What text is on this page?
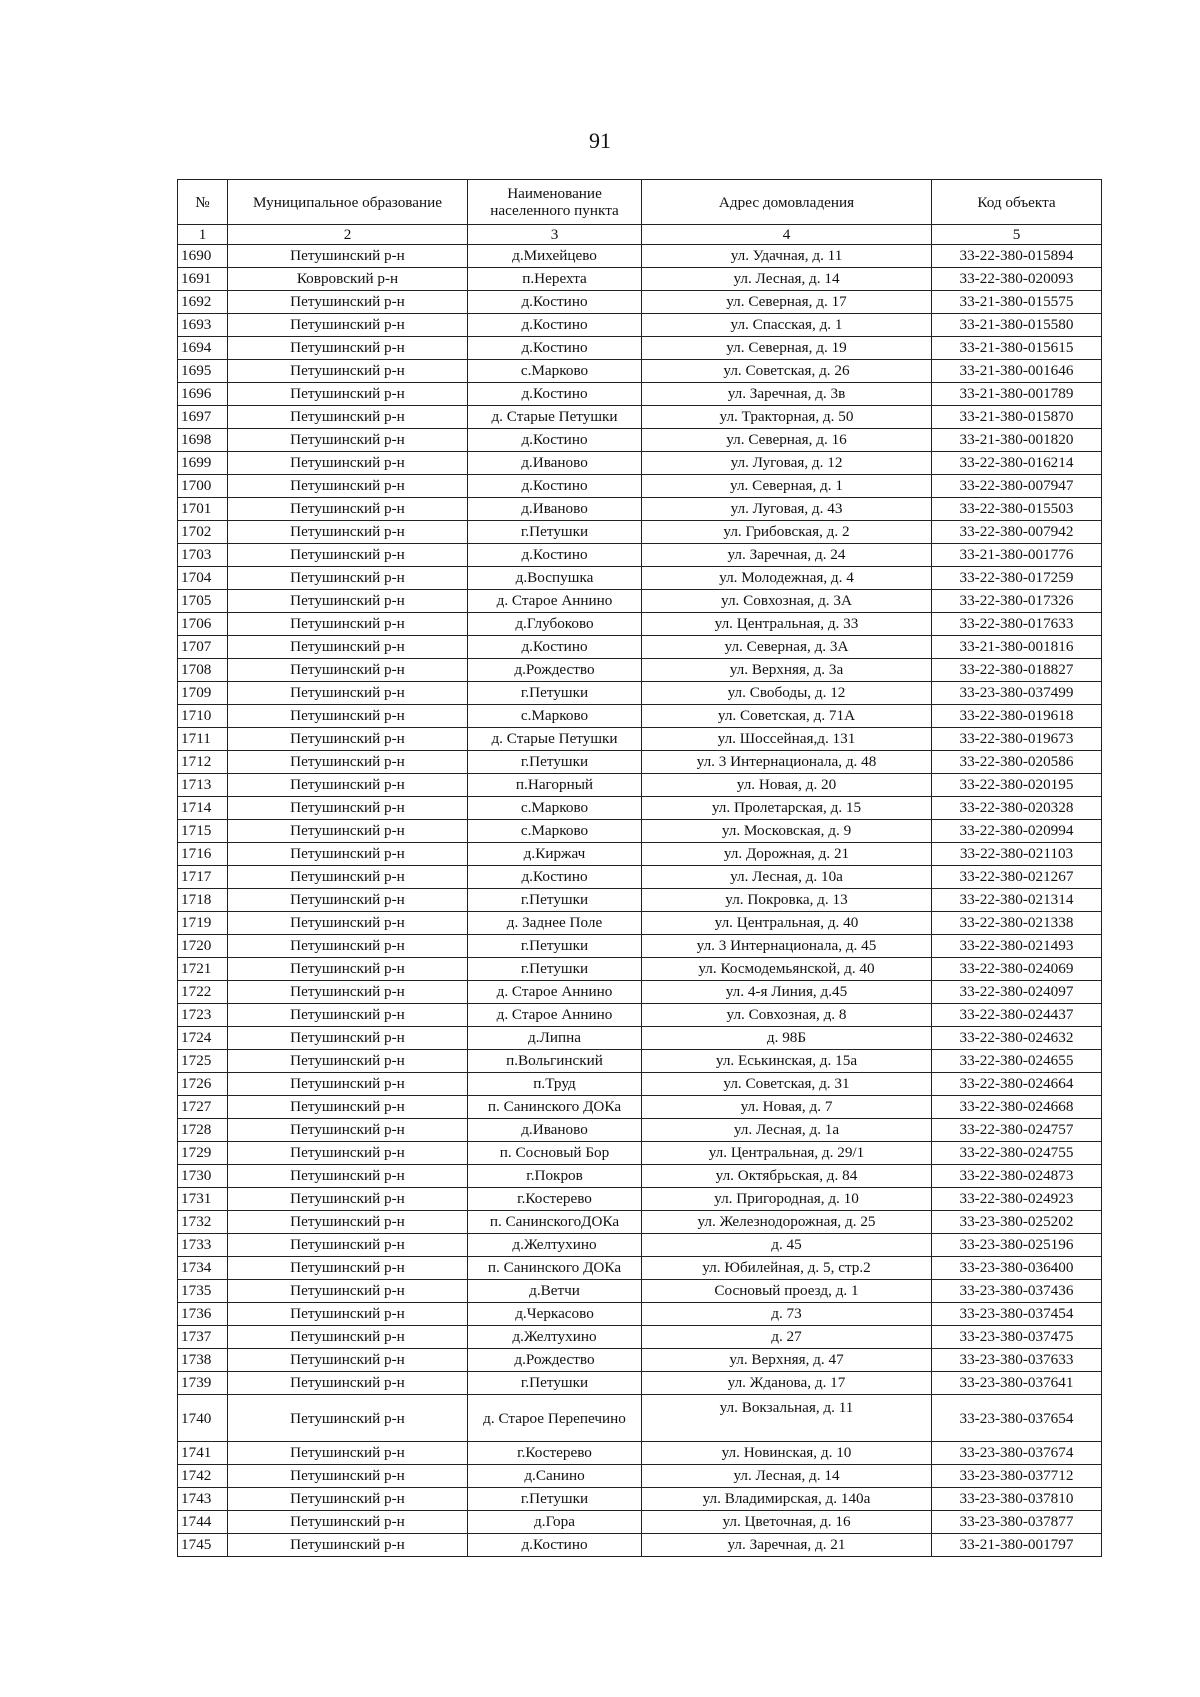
91
№	Муниципальное образование	Наименование населенного пункта	Адрес домовладения	Код объекта
1	2	3	4	5
1690	Петушинский р-н	д.Михейцево	ул. Удачная, д. 11	33-22-380-015894
1691	Ковровский р-н	п.Нерехта	ул. Лесная, д. 14	33-22-380-020093
1692	Петушинский р-н	д.Костино	ул. Северная, д. 17	33-21-380-015575
1693	Петушинский р-н	д.Костино	ул. Спасская, д. 1	33-21-380-015580
1694	Петушинский р-н	д.Костино	ул. Северная, д. 19	33-21-380-015615
1695	Петушинский р-н	с.Марково	ул. Советская, д. 26	33-21-380-001646
1696	Петушинский р-н	д.Костино	ул. Заречная, д. 3в	33-21-380-001789
1697	Петушинский р-н	д. Старые Петушки	ул. Тракторная, д. 50	33-21-380-015870
1698	Петушинский р-н	д.Костино	ул. Северная, д. 16	33-21-380-001820
1699	Петушинский р-н	д.Иваново	ул. Луговая, д. 12	33-22-380-016214
1700	Петушинский р-н	д.Костино	ул. Северная, д. 1	33-22-380-007947
1701	Петушинский р-н	д.Иваново	ул. Луговая, д. 43	33-22-380-015503
1702	Петушинский р-н	г.Петушки	ул. Грибовская, д. 2	33-22-380-007942
1703	Петушинский р-н	д.Костино	ул. Заречная, д. 24	33-21-380-001776
1704	Петушинский р-н	д.Воспушка	ул. Молодежная, д. 4	33-22-380-017259
1705	Петушинский р-н	д. Старое Аннино	ул. Совхозная, д. 3А	33-22-380-017326
1706	Петушинский р-н	д.Глубоково	ул. Центральная, д. 33	33-22-380-017633
1707	Петушинский р-н	д.Костино	ул. Северная, д. 3А	33-21-380-001816
1708	Петушинский р-н	д.Рождество	ул. Верхняя, д. 3а	33-22-380-018827
1709	Петушинский р-н	г.Петушки	ул. Свободы, д. 12	33-23-380-037499
1710	Петушинский р-н	с.Марково	ул. Советская, д. 71А	33-22-380-019618
1711	Петушинский р-н	д. Старые Петушки	ул. Шоссейная,д. 131	33-22-380-019673
1712	Петушинский р-н	г.Петушки	ул. 3 Интернационала, д. 48	33-22-380-020586
1713	Петушинский р-н	п.Нагорный	ул. Новая, д. 20	33-22-380-020195
1714	Петушинский р-н	с.Марково	ул. Пролетарская, д. 15	33-22-380-020328
1715	Петушинский р-н	с.Марково	ул. Московская, д. 9	33-22-380-020994
1716	Петушинский р-н	д.Киржач	ул. Дорожная, д. 21	33-22-380-021103
1717	Петушинский р-н	д.Костино	ул. Лесная, д. 10а	33-22-380-021267
1718	Петушинский р-н	г.Петушки	ул. Покровка, д. 13	33-22-380-021314
1719	Петушинский р-н	д. Заднее Поле	ул. Центральная, д. 40	33-22-380-021338
1720	Петушинский р-н	г.Петушки	ул. 3 Интернационала, д. 45	33-22-380-021493
1721	Петушинский р-н	г.Петушки	ул. Космодемьянской, д. 40	33-22-380-024069
1722	Петушинский р-н	д. Старое Аннино	ул. 4-я Линия, д.45	33-22-380-024097
1723	Петушинский р-н	д. Старое Аннино	ул. Совхозная, д. 8	33-22-380-024437
1724	Петушинский р-н	д.Липна	д. 98Б	33-22-380-024632
1725	Петушинский р-н	п.Вольгинский	ул. Еськинская, д. 15а	33-22-380-024655
1726	Петушинский р-н	п.Труд	ул. Советская, д. 31	33-22-380-024664
1727	Петушинский р-н	п. Санинского ДОКа	ул. Новая, д. 7	33-22-380-024668
1728	Петушинский р-н	д.Иваново	ул. Лесная, д. 1а	33-22-380-024757
1729	Петушинский р-н	п. Сосновый Бор	ул. Центральная, д. 29/1	33-22-380-024755
1730	Петушинский р-н	г.Покров	ул. Октябрьская, д. 84	33-22-380-024873
1731	Петушинский р-н	г.Костерево	ул. Пригородная, д. 10	33-22-380-024923
1732	Петушинский р-н	п. СанинскогоДОКа	ул. Железнодорожная, д. 25	33-23-380-025202
1733	Петушинский р-н	д.Желтухино	д. 45	33-23-380-025196
1734	Петушинский р-н	п. Санинского ДОКа	ул. Юбилейная, д. 5, стр.2	33-23-380-036400
1735	Петушинский р-н	д.Ветчи	Сосновый проезд, д. 1	33-23-380-037436
1736	Петушинский р-н	д.Черкасово	д. 73	33-23-380-037454
1737	Петушинский р-н	д.Желтухино	д. 27	33-23-380-037475
1738	Петушинский р-н	д.Рождество	ул. Верхняя, д. 47	33-23-380-037633
1739	Петушинский р-н	г.Петушки	ул. Жданова, д. 17	33-23-380-037641
1740	Петушинский р-н	д. Старое Перепечино	ул. Вокзальная, д. 11	33-23-380-037654
1741	Петушинский р-н	г.Костерево	ул. Новинская, д. 10	33-23-380-037674
1742	Петушинский р-н	д.Санино	ул. Лесная, д. 14	33-23-380-037712
1743	Петушинский р-н	г.Петушки	ул. Владимирская, д. 140а	33-23-380-037810
1744	Петушинский р-н	д.Гора	ул. Цветочная, д. 16	33-23-380-037877
1745	Петушинский р-н	д.Костино	ул. Заречная, д. 21	33-21-380-001797
